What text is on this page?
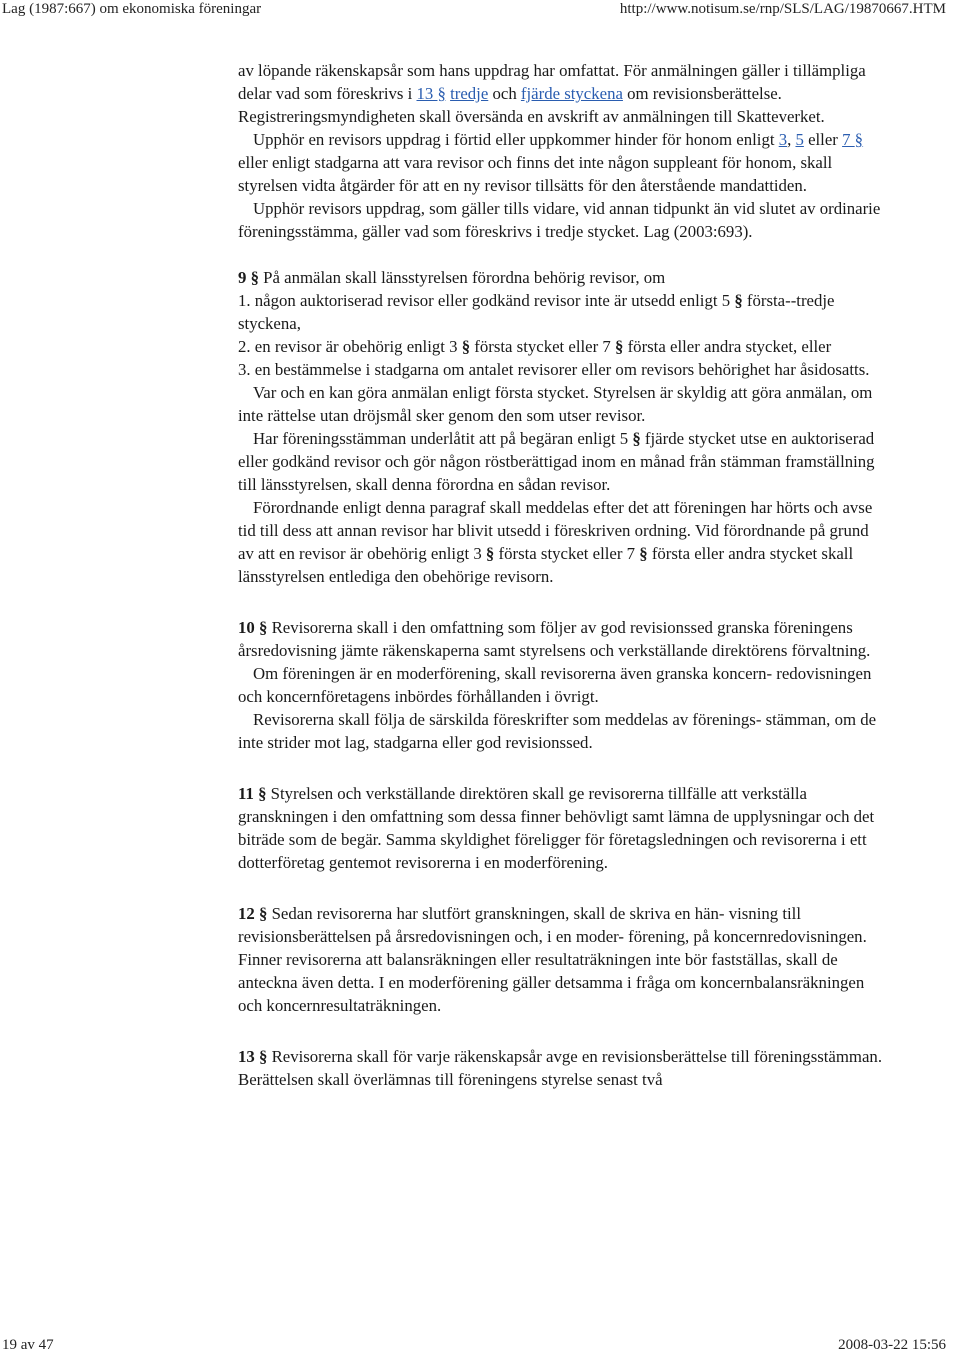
Lag (1987:667) om ekonomiska föreningar	http://www.notisum.se/rnp/SLS/LAG/19870667.HTM

av löpande räkenskapsår som hans uppdrag har omfattat. För anmälningen gäller i tillämpliga delar vad som föreskrivs i 13 § tredje och fjärde styckena om revisionsberättelse. Registreringsmyndigheten skall översända en avskrift av anmälningen till Skatteverket.

Upphör en revisors uppdrag i förtid eller uppkommer hinder för honom enligt 3, 5 eller 7 § eller enligt stadgarna att vara revisor och finns det inte någon suppleant för honom, skall styrelsen vidta åtgärder för att en ny revisor tillsätts för den återstående mandattiden.

Upphör revisors uppdrag, som gäller tills vidare, vid annan tidpunkt än vid slutet av ordinarie föreningsstämma, gäller vad som föreskrivs i tredje stycket. Lag (2003:693).

9 § På anmälan skall länsstyrelsen förordna behörig revisor, om

1. någon auktoriserad revisor eller godkänd revisor inte är utsedd enligt 5 § första--tredje styckena,

2. en revisor är obehörig enligt 3 § första stycket eller 7 § första eller andra stycket, eller

3. en bestämmelse i stadgarna om antalet revisorer eller om revisors behörighet har åsidosatts.

Var och en kan göra anmälan enligt första stycket. Styrelsen är skyldig att göra anmälan, om inte rättelse utan dröjsmål sker genom den som utser revisor.

Har föreningsstämman underlåtit att på begäran enligt 5 § fjärde stycket utse en auktoriserad eller godkänd revisor och gör någon röstberättigad inom en månad från stämman framställning till länsstyrelsen, skall denna förordna en sådan revisor.

Förordnande enligt denna paragraf skall meddelas efter det att föreningen har hörts och avse tid till dess att annan revisor har blivit utsedd i föreskriven ordning. Vid förordnande på grund av att en revisor är obehörig enligt 3 § första stycket eller 7 § första eller andra stycket skall länsstyrelsen entlediga den obehörige revisorn.

10 § Revisorerna skall i den omfattning som följer av god revisionssed granska föreningens årsredovisning jämte räkenskaperna samt styrelsens och verkställande direktörens förvaltning.

Om föreningen är en moderförening, skall revisorerna även granska koncern- redovisningen och koncernföretagens inbördes förhållanden i övrigt.

Revisorerna skall följa de särskilda föreskrifter som meddelas av förenings- stämman, om de inte strider mot lag, stadgarna eller god revisionssed.

11 § Styrelsen och verkställande direktören skall ge revisorerna tillfälle att verkställa granskningen i den omfattning som dessa finner behövligt samt lämna de upplysningar och det biträde som de begär. Samma skyldighet föreligger för företagsledningen och revisorerna i ett dotterföretag gentemot revisorerna i en moderförening.

12 § Sedan revisorerna har slutfört granskningen, skall de skriva en hän- visning till revisionsberättelsen på årsredovisningen och, i en moder- förening, på koncernredovisningen. Finner revisorerna att balansräkningen eller resultaträkningen inte bör fastställas, skall de anteckna även detta. I en moderförening gäller detsamma i fråga om koncernbalansräkningen och koncernresultaträkningen.

13 § Revisorerna skall för varje räkenskapsår avge en revisionsberättelse till föreningsstämman. Berättelsen skall överlämnas till föreningens styrelse senast två

19 av 47	2008-03-22 15:56
